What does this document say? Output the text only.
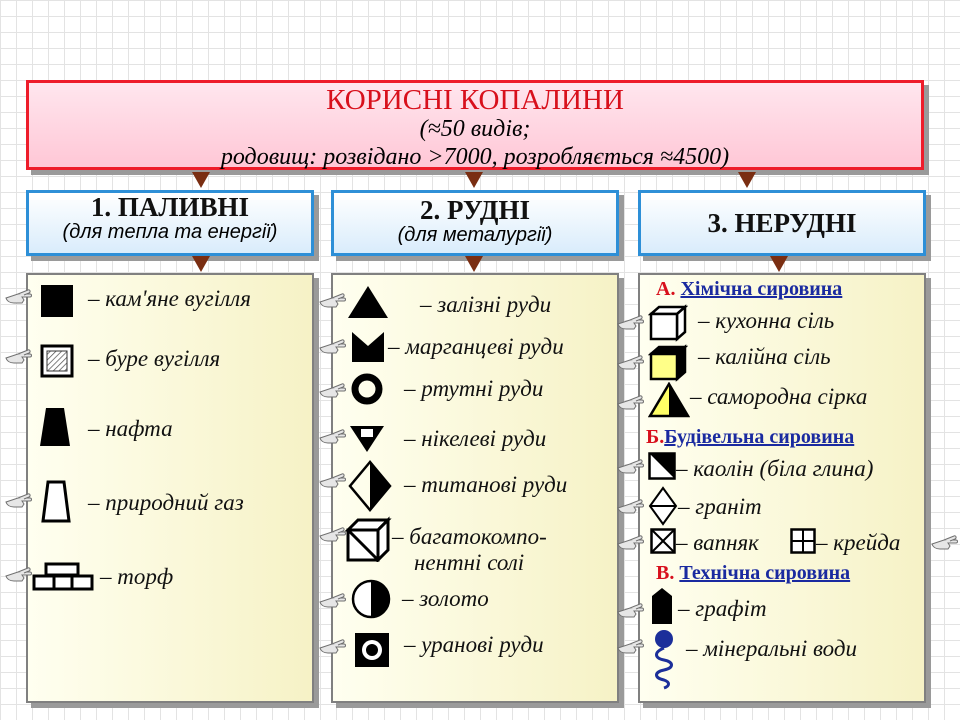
КОРИСНІ КОПАЛИНИ
(≈50 видів;
родовищ: розвідано >7000, розробляється ≈4500)
1. ПАЛИВНІ
(для тепла та енергії)
2. РУДНІ
(для металургії)	3. НЕРУДНІ
– кам'яне вугілля
– буре вугілля
– нафта
– природний газ
– торф
– залізні руди
– марганцеві руди
– ртутні руди
– нікелеві руди
– титанові руди
– багатокомпо-
нентні солі
– золото
– уранові руди
А. Хімічна сировина
– кухонна сіль
– калійна сіль
– самородна сірка
Б.Будівельна сировина
– каолін (біла глина)
– граніт
– вапняк – крейда
В. Технічна сировина
– графіт
– мінеральні води
